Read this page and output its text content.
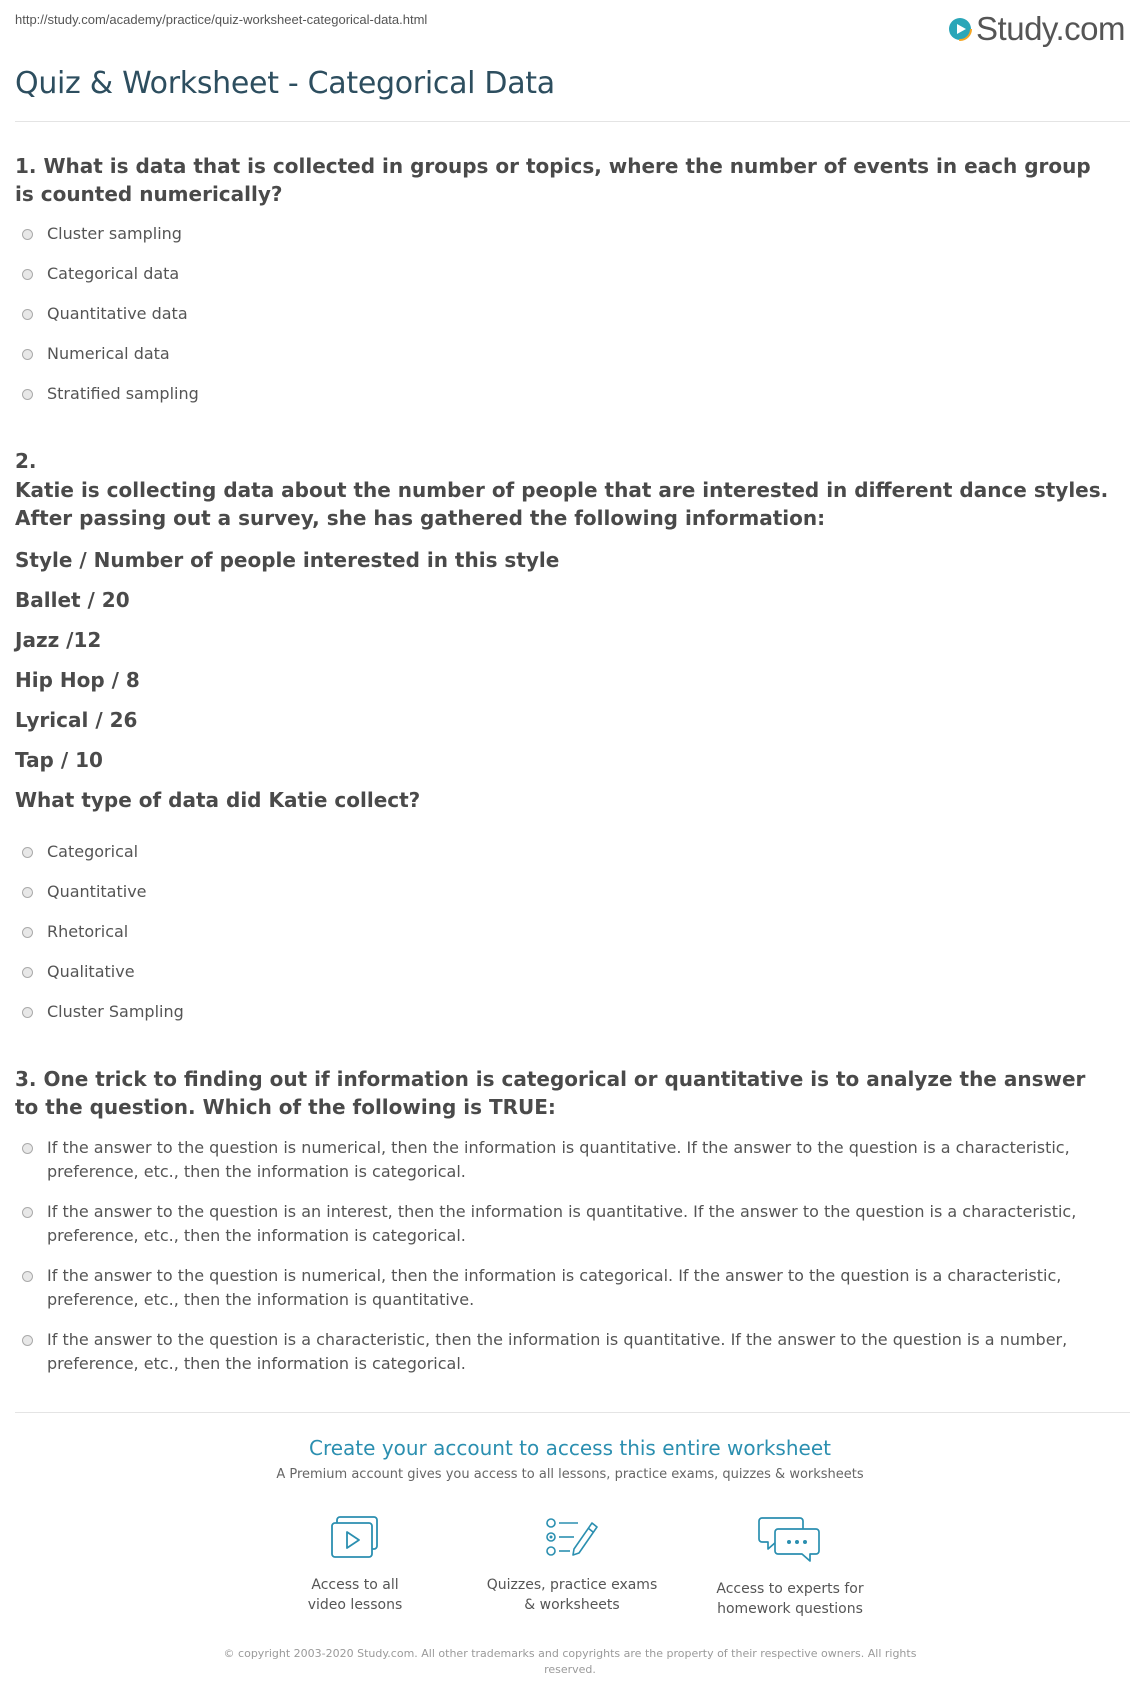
http://study.com/academy/practice/quiz-worksheet-categorical-data.html	Study.com
Quiz & Worksheet - Categorical Data
1. What is data that is collected in groups or topics, where the number of events in each group is counted numerically?
Cluster sampling
Categorical data
Quantitative data
Numerical data
Stratified sampling
2.
Katie is collecting data about the number of people that are interested in different dance styles. After passing out a survey, she has gathered the following information:
Style / Number of people interested in this style
Ballet / 20
Jazz /12
Hip Hop / 8
Lyrical / 26
Tap / 10
What type of data did Katie collect?
Categorical
Quantitative
Rhetorical
Qualitative
Cluster Sampling
3. One trick to finding out if information is categorical or quantitative is to analyze the answer to the question. Which of the following is TRUE:
If the answer to the question is numerical, then the information is quantitative. If the answer to the question is a characteristic, preference, etc., then the information is categorical.
If the answer to the question is an interest, then the information is quantitative. If the answer to the question is a characteristic, preference, etc., then the information is categorical.
If the answer to the question is numerical, then the information is categorical. If the answer to the question is a characteristic, preference, etc., then the information is quantitative.
If the answer to the question is a characteristic, then the information is quantitative. If the answer to the question is a number, preference, etc., then the information is categorical.
Create your account to access this entire worksheet
A Premium account gives you access to all lessons, practice exams, quizzes & worksheets
Access to all
video lessons
Quizzes, practice exams
& worksheets
Access to experts for
homework questions
© copyright 2003-2020 Study.com. All other trademarks and copyrights are the property of their respective owners. All rights
reserved.
